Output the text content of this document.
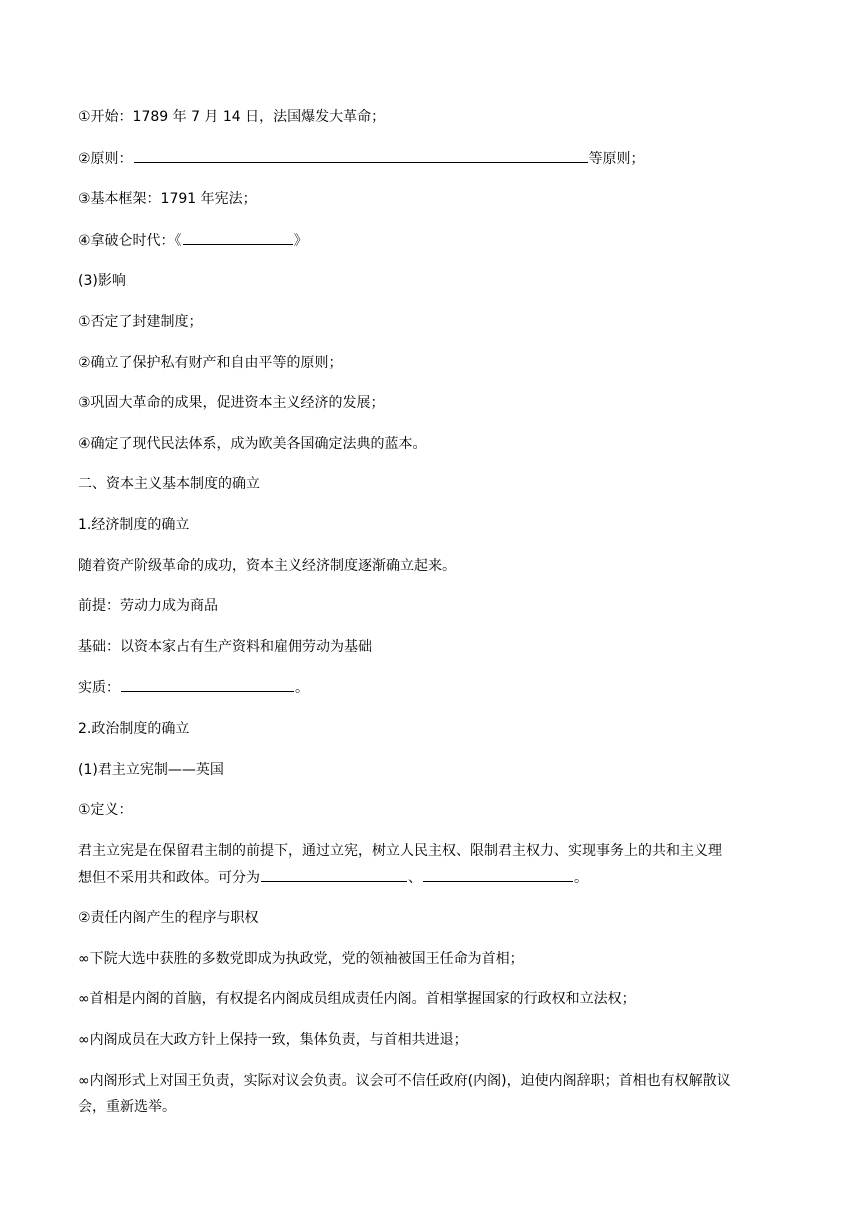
①开始：1789 年 7 月 14 日，法国爆发大革命；
②原则：	等原则；
③基本框架：1791 年宪法；
④拿破仑时代：《	》
(3)影响
①否定了封建制度；
②确立了保护私有财产和自由平等的原则；
③巩固大革命的成果，促进资本主义经济的发展；
④确定了现代民法体系，成为欧美各国确定法典的蓝本。
二、资本主义基本制度的确立
1.经济制度的确立
随着资产阶级革命的成功，资本主义经济制度逐渐确立起来。
前提：劳动力成为商品
基础：以资本家占有生产资料和雇佣劳动为基础
实质：	。
2.政治制度的确立
(1)君主立宪制——英国
①定义：
君主立宪是在保留君主制的前提下，通过立宪，树立人民主权、限制君主权力、实现事务上的共和主义理
想但不采用共和政体。可分为	、	。
②责任内阁产生的程序与职权
∞下院大选中获胜的多数党即成为执政党，党的领袖被国王任命为首相；
∞首相是内阁的首脑，有权提名内阁成员组成责任内阁。首相掌握国家的行政权和立法权；
∞内阁成员在大政方针上保持一致，集体负责，与首相共进退；
∞内阁形式上对国王负责，实际对议会负责。议会可不信任政府(内阁)，迫使内阁辞职；首相也有权解散议
会，重新选举。
